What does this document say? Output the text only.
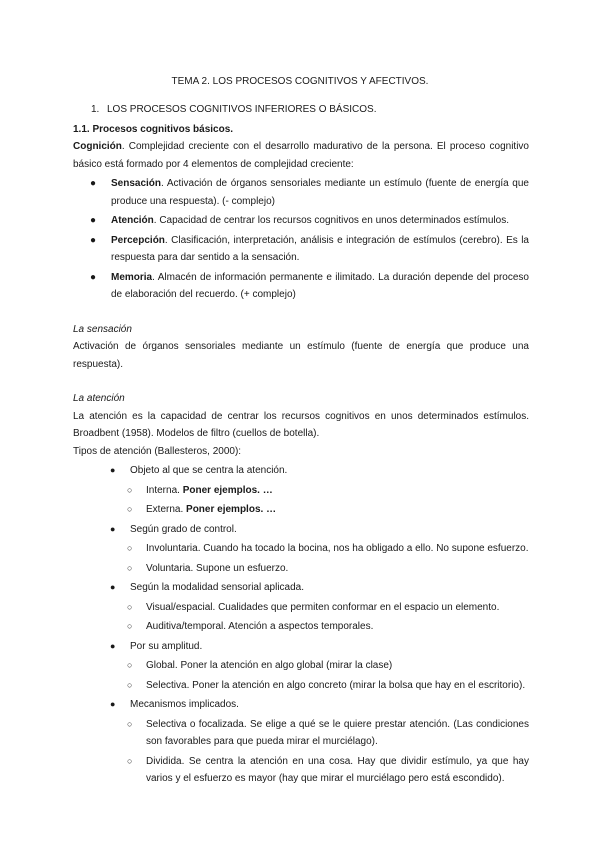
TEMA 2. LOS PROCESOS COGNITIVOS Y AFECTIVOS.
1. LOS PROCESOS COGNITIVOS INFERIORES O BÁSICOS.
1.1. Procesos cognitivos básicos.
Cognición. Complejidad creciente con el desarrollo madurativo de la persona. El proceso cognitivo básico está formado por 4 elementos de complejidad creciente:
● Sensación. Activación de órganos sensoriales mediante un estímulo (fuente de energía que produce una respuesta). (- complejo)
● Atención. Capacidad de centrar los recursos cognitivos en unos determinados estímulos.
● Percepción. Clasificación, interpretación, análisis e integración de estímulos (cerebro). Es la respuesta para dar sentido a la sensación.
● Memoria. Almacén de información permanente e ilimitado. La duración depende del proceso de elaboración del recuerdo. (+ complejo)
La sensación
Activación de órganos sensoriales mediante un estímulo (fuente de energía que produce una respuesta).
La atención
La atención es la capacidad de centrar los recursos cognitivos en unos determinados estímulos. Broadbent (1958). Modelos de filtro (cuellos de botella).
Tipos de atención (Ballesteros, 2000):
● Objeto al que se centra la atención.
○ Interna. Poner ejemplos. …
○ Externa. Poner ejemplos. …
● Según grado de control.
○ Involuntaria. Cuando ha tocado la bocina, nos ha obligado a ello. No supone esfuerzo.
○ Voluntaria. Supone un esfuerzo.
● Según la modalidad sensorial aplicada.
○ Visual/espacial. Cualidades que permiten conformar en el espacio un elemento.
○ Auditiva/temporal. Atención a aspectos temporales.
● Por su amplitud.
○ Global. Poner la atención en algo global (mirar la clase)
○ Selectiva. Poner la atención en algo concreto (mirar la bolsa que hay en el escritorio).
● Mecanismos implicados.
○ Selectiva o focalizada. Se elige a qué se le quiere prestar atención. (Las condiciones son favorables para que pueda mirar el murciélago).
○ Dividida. Se centra la atención en una cosa. Hay que dividir estímulo, ya que hay varios y el esfuerzo es mayor (hay que mirar el murciélago pero está escondido).
